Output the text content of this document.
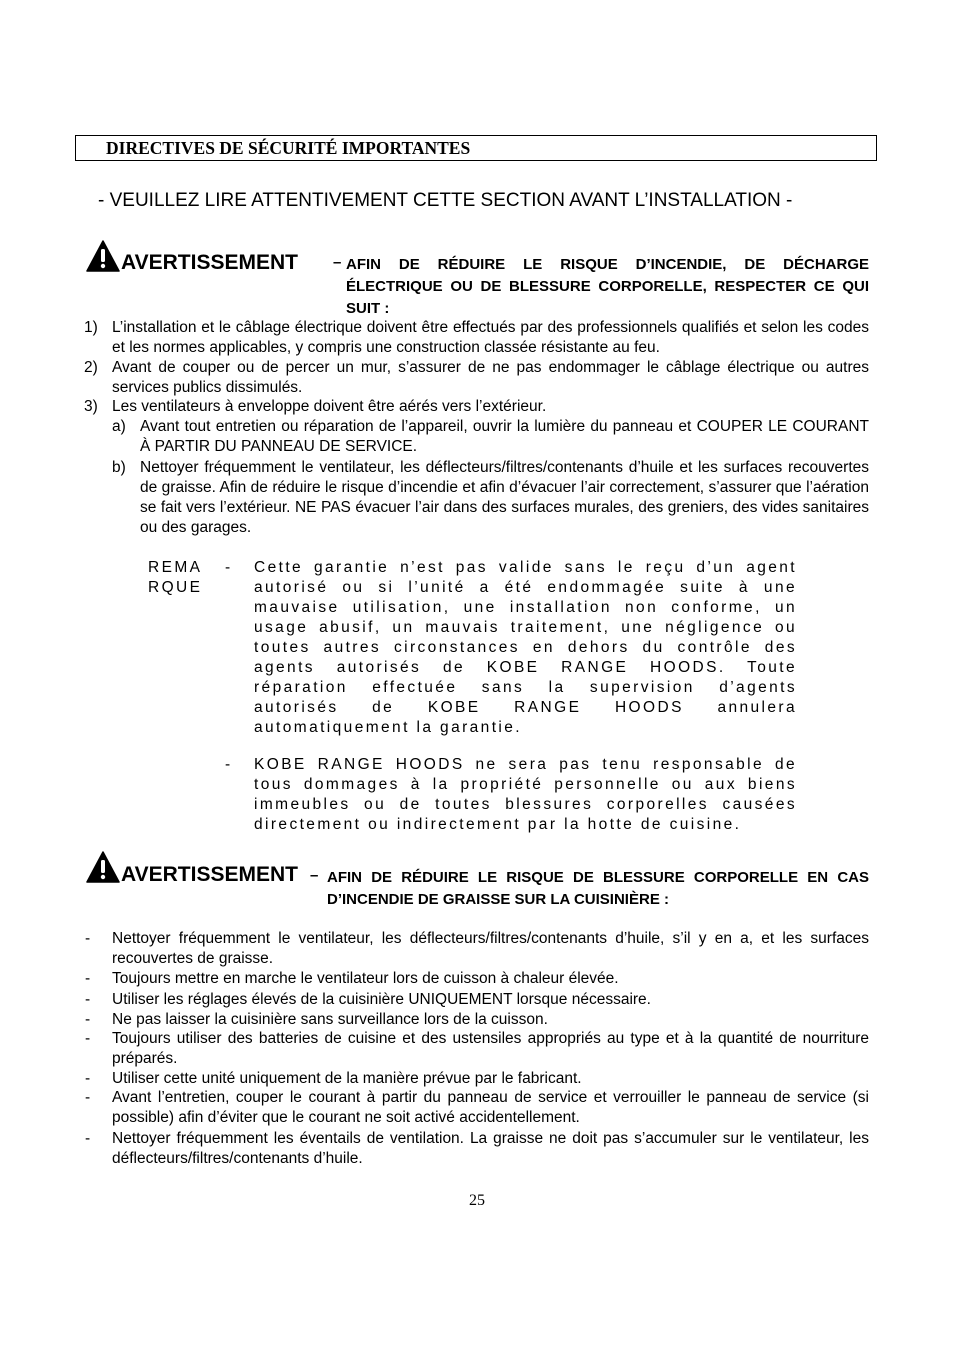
DIRECTIVES DE SÉCURITÉ IMPORTANTES
- VEUILLEZ LIRE ATTENTIVEMENT CETTE SECTION AVANT L’INSTALLATION -
AVERTISSEMENT – AFIN DE RÉDUIRE LE RISQUE D’INCENDIE, DE DÉCHARGE ÉLECTRIQUE OU DE BLESSURE CORPORELLE, RESPECTER CE QUI SUIT :
1) L’installation et le câblage électrique doivent être effectués par des professionnels qualifiés et selon les codes et les normes applicables, y compris une construction classée résistante au feu.
2) Avant de couper ou de percer un mur, s’assurer de ne pas endommager le câblage électrique ou autres services publics dissimulés.
3) Les ventilateurs à enveloppe doivent être aérés vers l’extérieur.
a) Avant tout entretien ou réparation de l’appareil, ouvrir la lumière du panneau et COUPER LE COURANT À PARTIR DU PANNEAU DE SERVICE.
b) Nettoyer fréquemment le ventilateur, les déflecteurs/filtres/contenants d’huile et les surfaces recouvertes de graisse. Afin de réduire le risque d’incendie et afin d’évacuer l’air correctement, s’assurer que l’aération se fait vers l’extérieur. NE PAS évacuer l’air dans des surfaces murales, des greniers, des vides sanitaires ou des garages.
REMA RQUE
- Cette garantie n’est pas valide sans le reçu d’un agent autorisé ou si l’unité a été endommagée suite à une mauvaise utilisation, une installation non conforme, un usage abusif, un mauvais traitement, une négligence ou toutes autres circonstances en dehors du contrôle des agents autorisés de KOBE RANGE HOODS. Toute réparation effectuée sans la supervision d’agents autorisés de KOBE RANGE HOODS annulera automatiquement la garantie.
- KOBE RANGE HOODS ne sera pas tenu responsable de tous dommages à la propriété personnelle ou aux biens immeubles ou de toutes blessures corporelles causées directement ou indirectement par la hotte de cuisine.
AVERTISSEMENT – AFIN DE RÉDUIRE LE RISQUE DE BLESSURE CORPORELLE EN CAS D’INCENDIE DE GRAISSE SUR LA CUISINIÈRE :
- Nettoyer fréquemment le ventilateur, les déflecteurs/filtres/contenants d’huile, s’il y en a, et les surfaces recouvertes de graisse.
- Toujours mettre en marche le ventilateur lors de cuisson à chaleur élevée.
- Utiliser les réglages élevés de la cuisinière UNIQUEMENT lorsque nécessaire.
- Ne pas laisser la cuisinière sans surveillance lors de la cuisson.
- Toujours utiliser des batteries de cuisine et des ustensiles appropriés au type et à la quantité de nourriture préparés.
- Utiliser cette unité uniquement de la manière prévue par le fabricant.
- Avant l’entretien, couper le courant à partir du panneau de service et verrouiller le panneau de service (si possible) afin d’éviter que le courant ne soit activé accidentellement.
- Nettoyer fréquemment les éventails de ventilation. La graisse ne doit pas s’accumuler sur le ventilateur, les déflecteurs/filtres/contenants d’huile.
25
